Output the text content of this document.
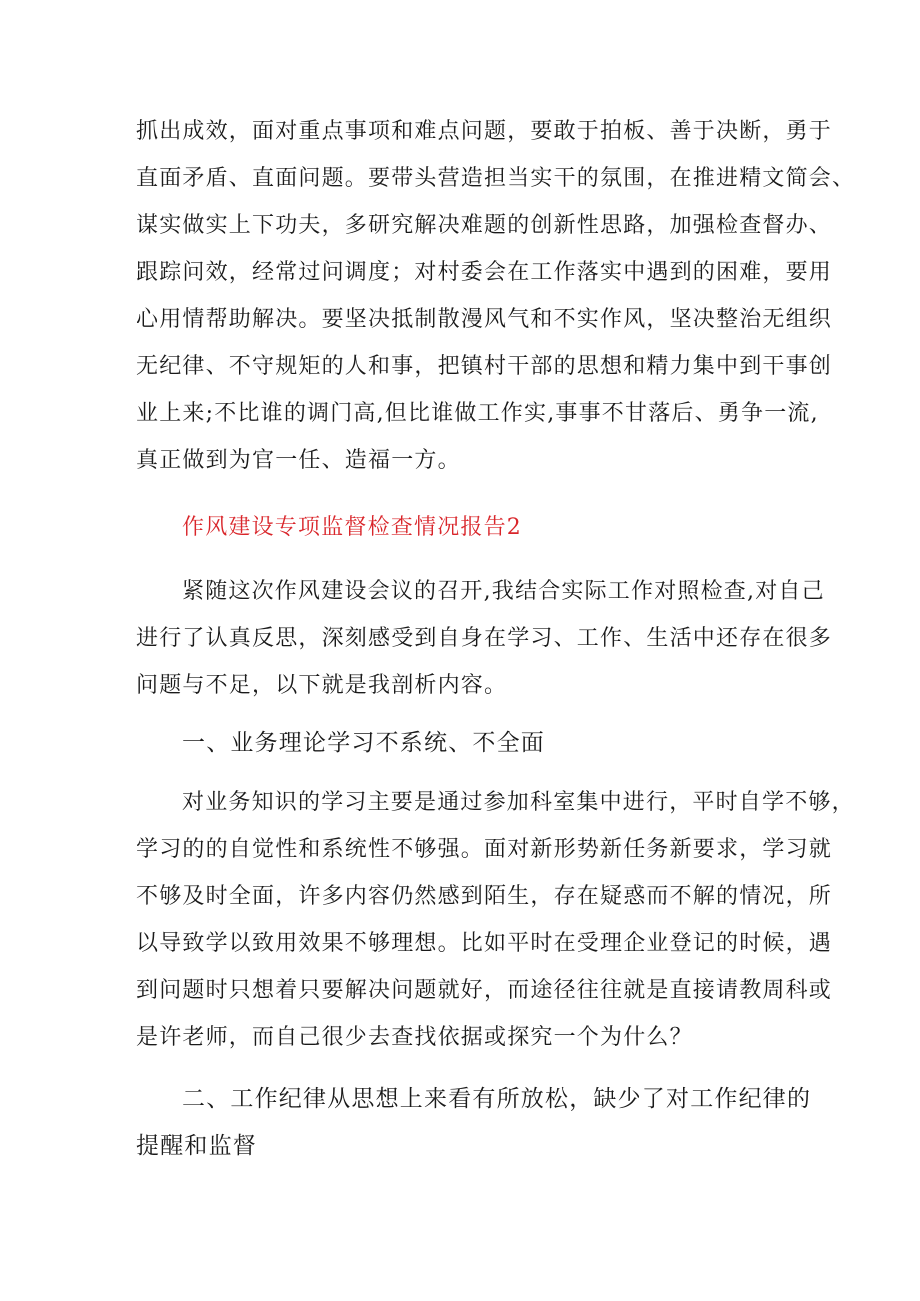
抓出成效，面对重点事项和难点问题，要敢于拍板、善于决断，勇于
直面矛盾、直面问题。要带头营造担当实干的氛围，在推进精文简会、
谋实做实上下功夫，多研究解决难题的创新性思路，加强检查督办、
跟踪问效，经常过问调度；对村委会在工作落实中遇到的困难，要用
心用情帮助解决。要坚决抵制散漫风气和不实作风，坚决整治无组织
无纪律、不守规矩的人和事，把镇村干部的思想和精力集中到干事创
业上来;不比谁的调门高,但比谁做工作实,事事不甘落后、勇争一流,
真正做到为官一任、造福一方。
作风建设专项监督检查情况报告2
紧随这次作风建设会议的召开,我结合实际工作对照检查,对自己
进行了认真反思，深刻感受到自身在学习、工作、生活中还存在很多
问题与不足，以下就是我剖析内容。
一、业务理论学习不系统、不全面
对业务知识的学习主要是通过参加科室集中进行，平时自学不够，
学习的的自觉性和系统性不够强。面对新形势新任务新要求，学习就
不够及时全面，许多内容仍然感到陌生，存在疑惑而不解的情况，所
以导致学以致用效果不够理想。比如平时在受理企业登记的时候，遇
到问题时只想着只要解决问题就好，而途径往往就是直接请教周科或
是许老师，而自己很少去查找依据或探究一个为什么？
二、工作纪律从思想上来看有所放松，缺少了对工作纪律的
提醒和监督
